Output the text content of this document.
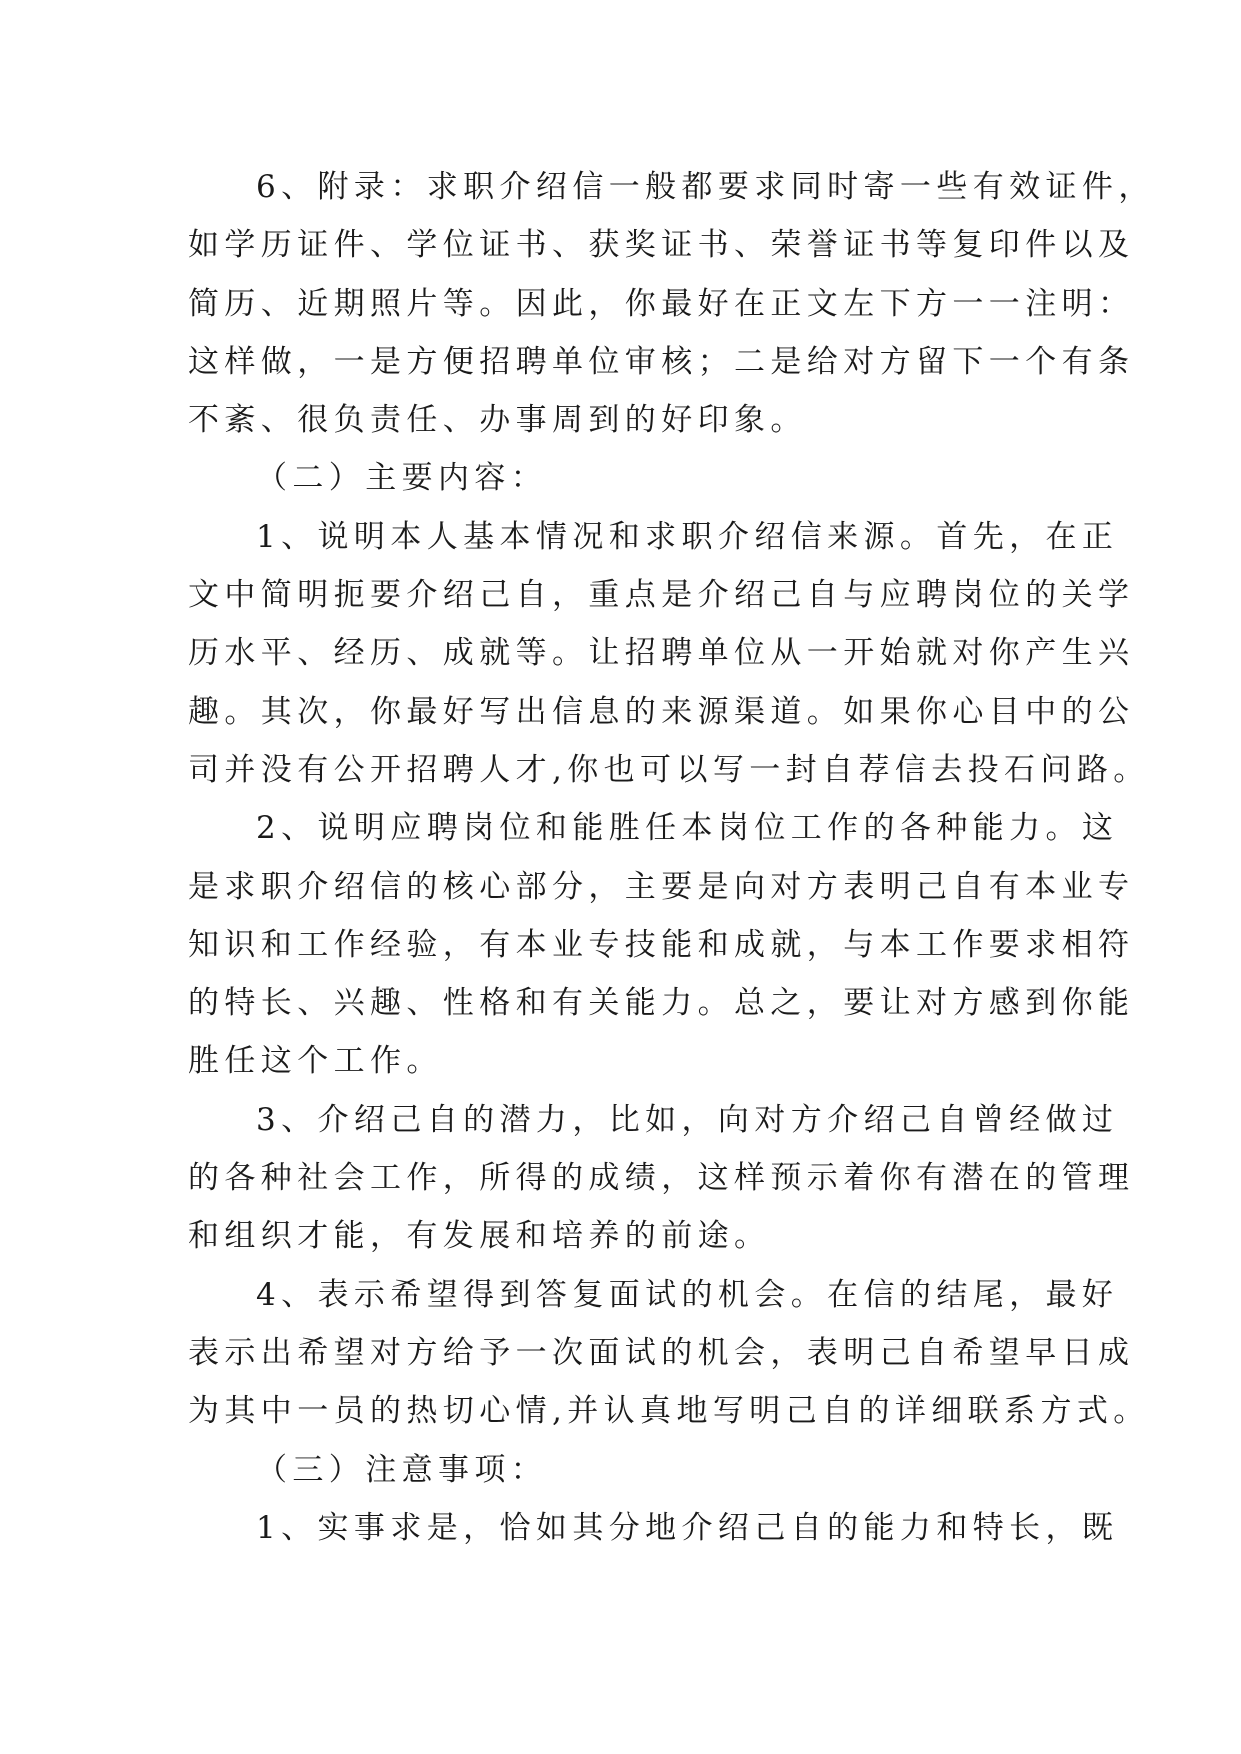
6、附录：求职介绍信一般都要求同时寄一些有效证件，
如学历证件、学位证书、获奖证书、荣誉证书等复印件以及
简历、近期照片等。因此，你最好在正文左下方一一注明：
这样做，一是方便招聘单位审核；二是给对方留下一个有条
不紊、很负责任、办事周到的好印象。

（二）主要内容：

1、说明本人基本情况和求职介绍信来源。首先，在正
文中简明扼要介绍己自，重点是介绍己自与应聘岗位的关学
历水平、经历、成就等。让招聘单位从一开始就对你产生兴
趣。其次，你最好写出信息的来源渠道。如果你心目中的公
司并没有公开招聘人才,你也可以写一封自荐信去投石问路。

2、说明应聘岗位和能胜任本岗位工作的各种能力。这
是求职介绍信的核心部分，主要是向对方表明己自有本业专
知识和工作经验，有本业专技能和成就，与本工作要求相符
的特长、兴趣、性格和有关能力。总之，要让对方感到你能
胜任这个工作。

3、介绍己自的潜力，比如，向对方介绍己自曾经做过
的各种社会工作，所得的成绩，这样预示着你有潜在的管理
和组织才能，有发展和培养的前途。

4、表示希望得到答复面试的机会。在信的结尾，最好
表示出希望对方给予一次面试的机会，表明己自希望早日成
为其中一员的热切心情,并认真地写明己自的详细联系方式。

（三）注意事项：

1、实事求是，恰如其分地介绍己自的能力和特长，既
